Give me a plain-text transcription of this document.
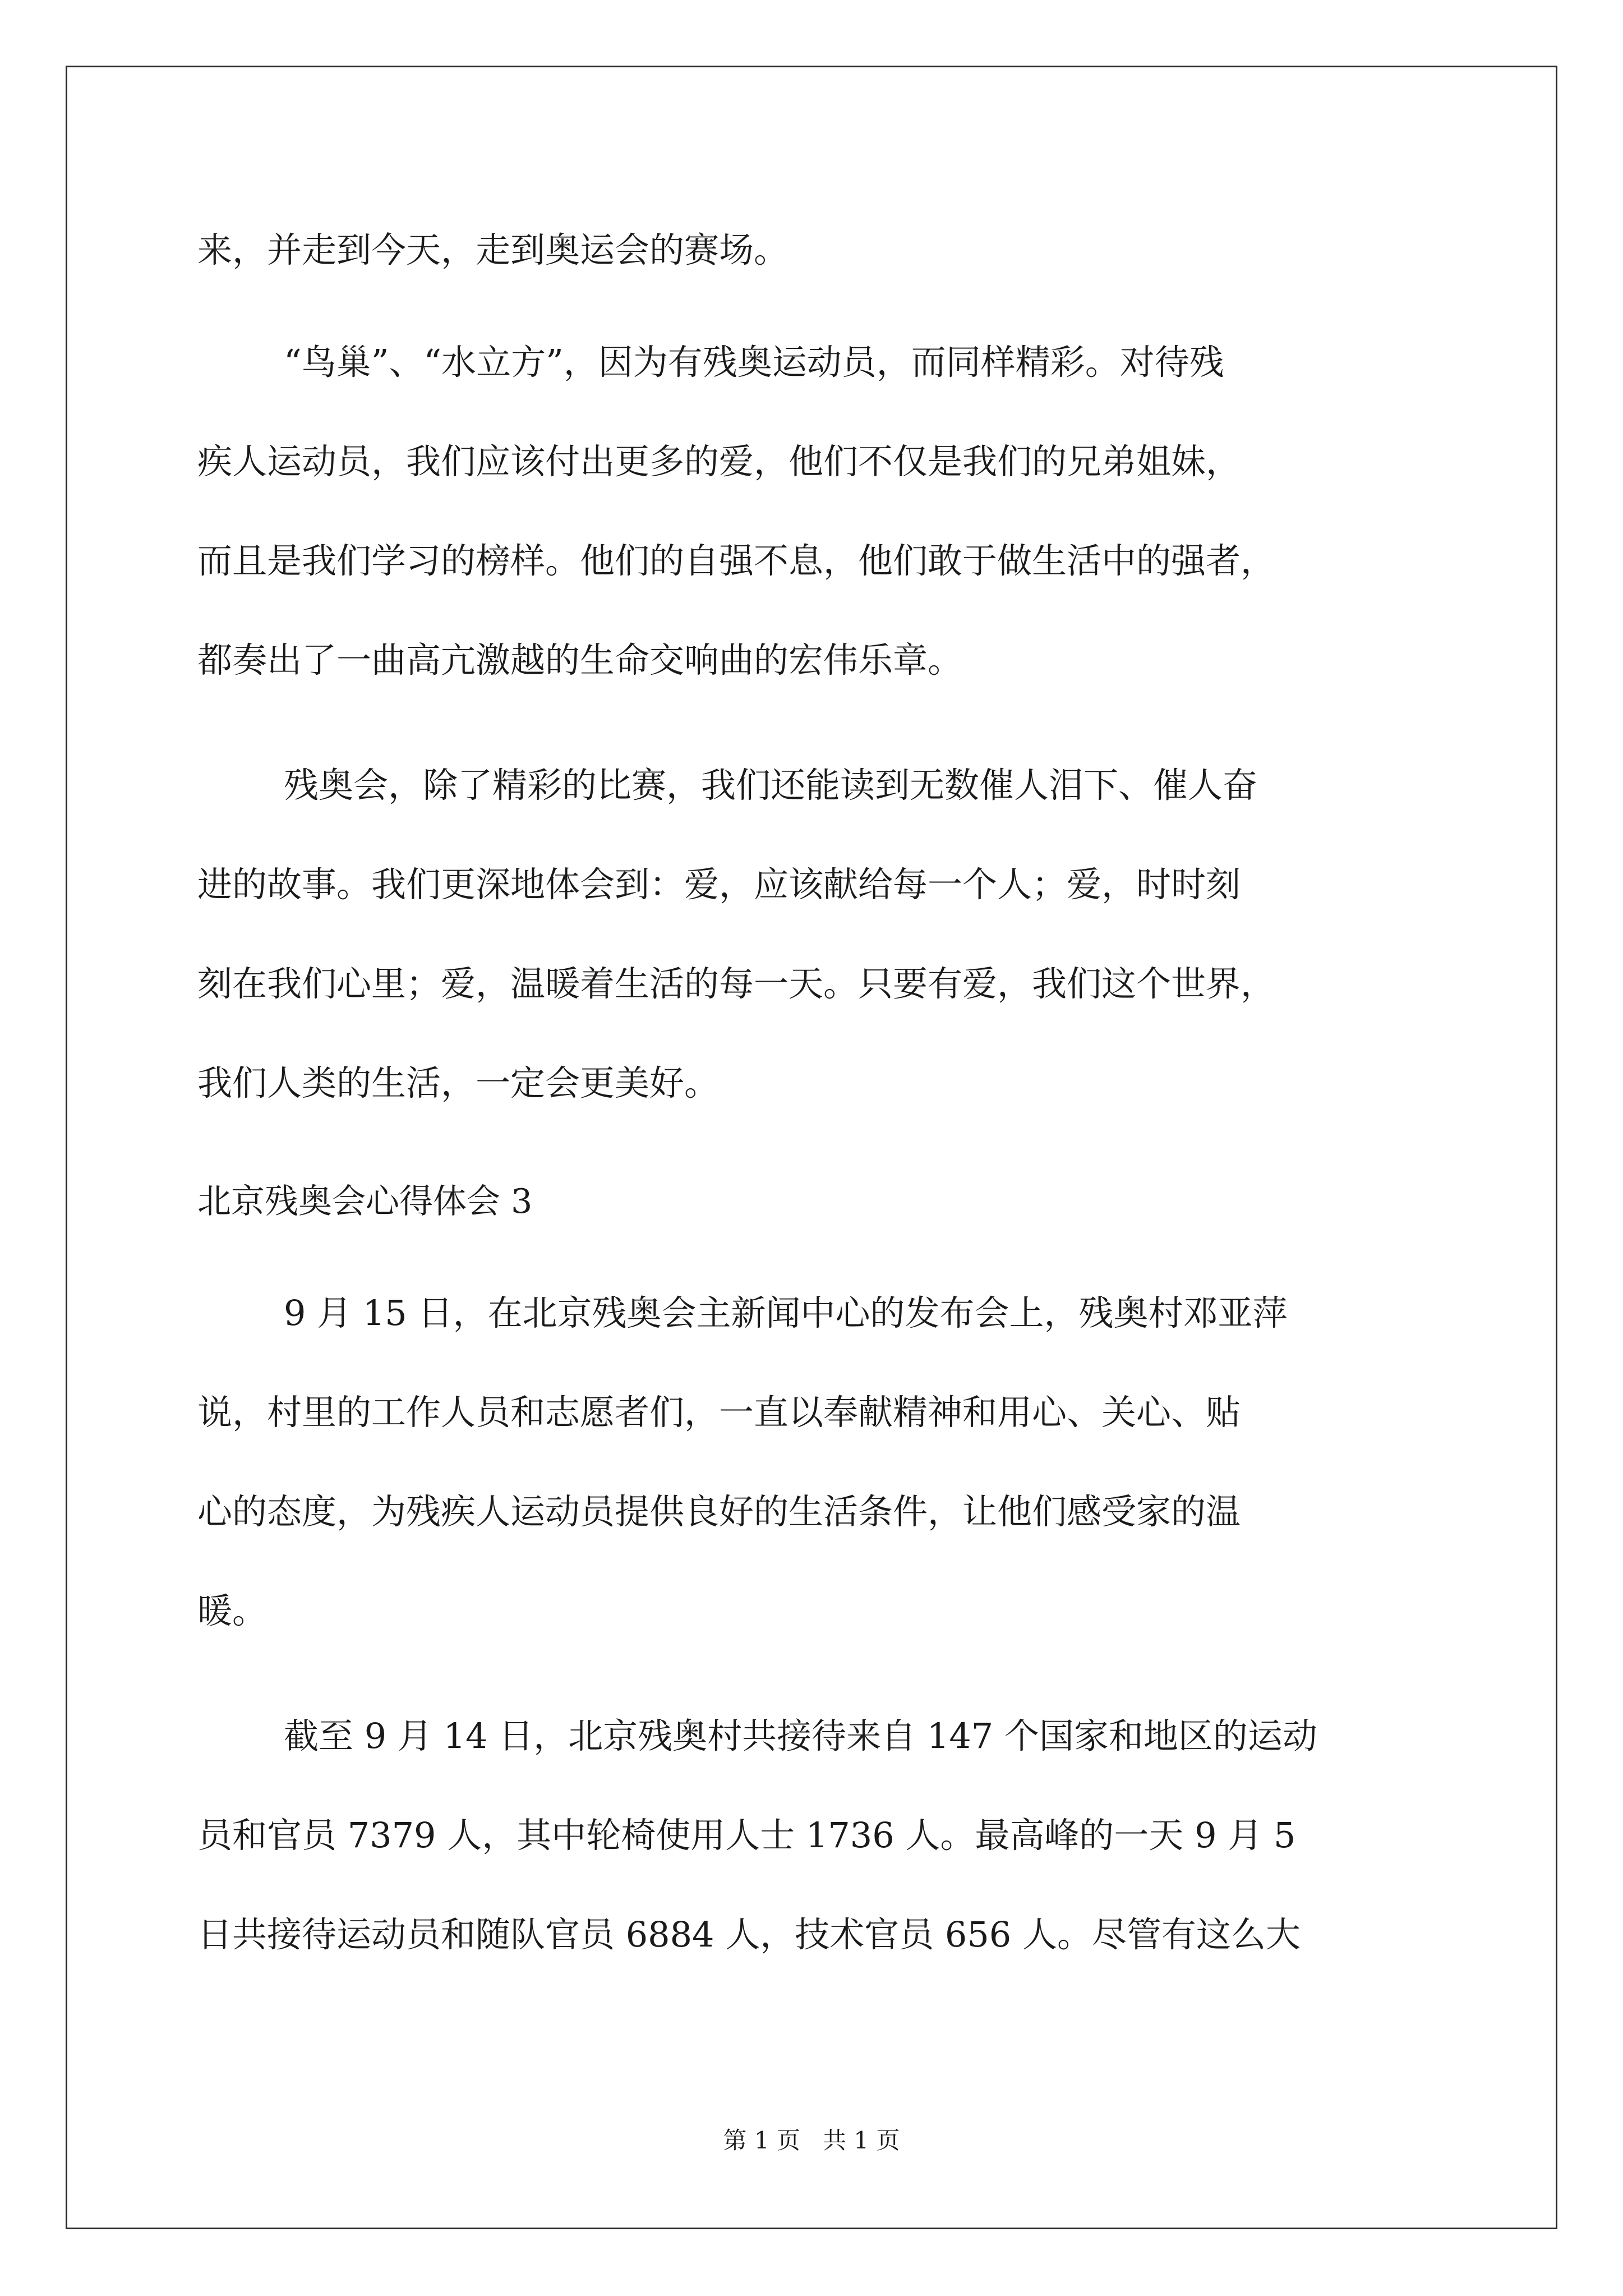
来，并走到今天，走到奥运会的赛场。

“鸟巢”、“水立方”，因为有残奥运动员，而同样精彩。对待残

疾人运动员，我们应该付出更多的爱，他们不仅是我们的兄弟姐妹，

而且是我们学习的榜样。他们的自强不息，他们敢于做生活中的强者，

都奏出了一曲高亢激越的生命交响曲的宏伟乐章。

残奥会，除了精彩的比赛，我们还能读到无数催人泪下、催人奋

进的故事。我们更深地体会到：爱，应该献给每一个人；爱，时时刻

刻在我们心里；爱，温暖着生活的每一天。只要有爱，我们这个世界，

我们人类的生活，一定会更美好。

北京残奥会心得体会 3

9 月 15 日，在北京残奥会主新闻中心的发布会上，残奥村邓亚萍

说，村里的工作人员和志愿者们，一直以奉献精神和用心、关心、贴

心的态度，为残疾人运动员提供良好的生活条件，让他们感受家的温

暖。

截至 9 月 14 日，北京残奥村共接待来自 147 个国家和地区的运动

员和官员 7379 人，其中轮椅使用人士 1736 人。最高峰的一天 9 月 5

日共接待运动员和随队官员 6884 人，技术官员 656 人。尽管有这么大

第 1 页   共 1 页
